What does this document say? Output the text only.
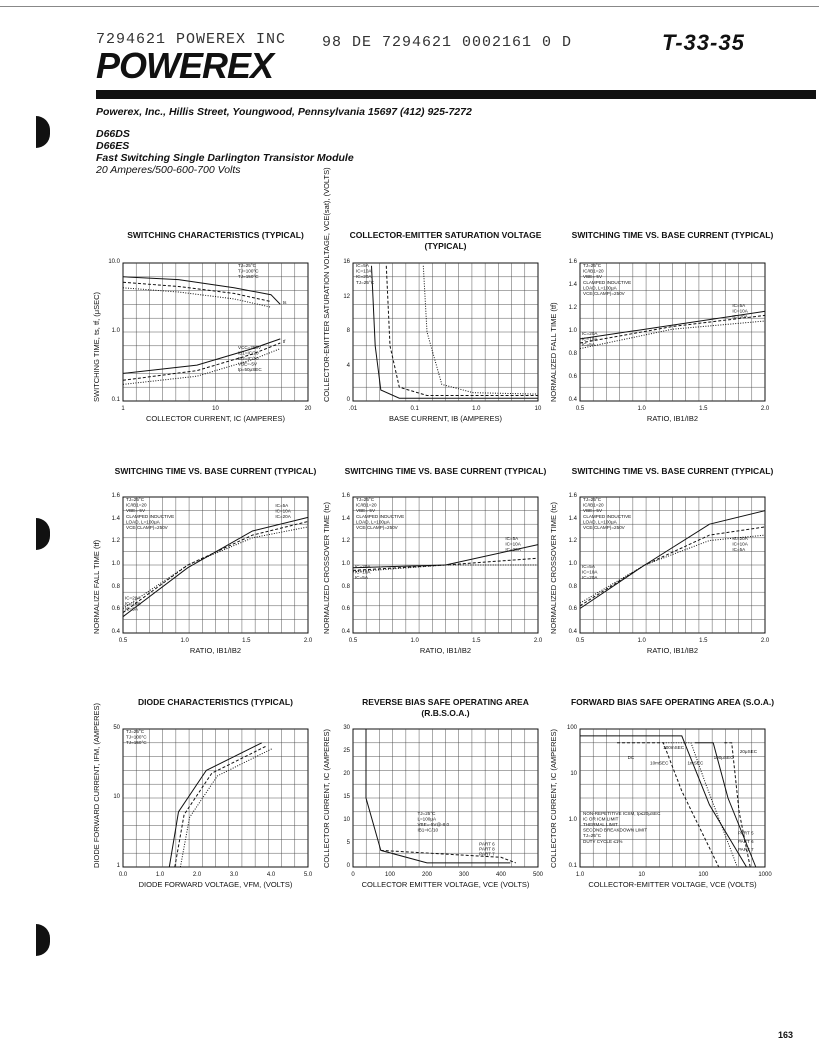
7294621 POWEREX INC
POWEREX
98 DE 7294621 0002161 0 D	T-33-35
Powerex, Inc., Hillis Street, Youngwood, Pennsylvania 15697 (412) 925-7272
D66DS
D66ES
Fast Switching Single Darlington Transistor Module
20 Amperes/500-600-700 Volts
163
SWITCHING CHARACTERISTICS (TYPICAL)
TJ=25°C
TJ=100°C
TJ=150°C
VCC=250V
IB1=IC/20
IB2=IC/10
VBE=-5V
tp=50μSEC
ts
tf
1	10	20
10.0
1.0
0.1
COLLECTOR CURRENT, IC (AMPERES)
SWITCHING TIME, ts, tf, (μSEC)
COLLECTOR-EMITTER SATURATION VOLTAGE (TYPICAL)
IC=5A
IC=10A
IC=20A
TJ=25°C
.01	0.1	1.0	10
16
12
8
4
0
BASE CURRENT, IB (AMPERES)
COLLECTOR-EMITTER SATURATION VOLTAGE, VCE(sat), (VOLTS)	SWITCHING TIME VS. BASE CURRENT (TYPICAL)
TJ=25°C
IC/IB1=20
VBE=-5V
CLAMPED INDUCTIVE
LOAD, L=100μA
VCE(CLAMP)=250V
IC=5A
IC=10A
IC=20A
IC=20A
IC=10A
IC=5A
0.5	1.0	1.5	2.0
1.6
1.4
1.2
1.0
0.8
0.6
0.4
RATIO, IB1/IB2
NORMALIZED FALL TIME (tf)
SWITCHING TIME VS. BASE CURRENT (TYPICAL)
TJ=25°C
IC/IB1=20
VBE=-5V
CLAMPED INDUCTIVE
LOAD, L=100μA
VCE(CLAMP)=250V
IC=5A
IC=10A
IC=20A
IC=20A
IC=10A
IC=5A
0.5	1.0	1.5	2.0
1.6
1.4
1.2
1.0
0.8
0.6
0.4
RATIO, IB1/IB2
NORMALIZE FALL TIME (tf)
SWITCHING TIME VS. BASE CURRENT (TYPICAL)
TJ=25°C
IC/IB1=20
VBE=-5V
CLAMPED INDUCTIVE
LOAD, L=100μA
VCE(CLAMP)=250V
IC=5A
IC=10A
IC=20A
IC=20A
IC=10A
IC=5A
0.5	1.0	1.5	2.0
1.6
1.4
1.2
1.0
0.8
0.6
0.4
RATIO, IB1/IB2
NORMALIZED CROSSOVER TIME (tc)
SWITCHING TIME VS. BASE CURRENT (TYPICAL)
TJ=25°C
IC/IB1=20
VBE=-5V
CLAMPED INDUCTIVE
LOAD, L=100μA
VCE(CLAMP)=250V
IC=20A
IC=10A
IC=5A
IC=5A
IC=10A
IC=20A
0.5	1.0	1.5	2.0
1.6
1.4
1.2
1.0
0.8
0.6
0.4
RATIO, IB1/IB2
NORMALIZED CROSSOVER TIME (tc)
DIODE CHARACTERISTICS (TYPICAL)
TJ=25°C
TJ=100°C
TJ=150°C
0.0	1.0	2.0	3.0	4.0	5.0
50
10
1
DIODE FORWARD VOLTAGE, VFM, (VOLTS)
DIODE FORWARD CURRENT, IFM, (AMPERES)
REVERSE BIAS SAFE OPERATING AREA (R.B.S.O.A.)
TJ=25°C
L=100μA
VBE=-5V@-8.0
IB1=IC/10
PART 6
PART 8
PART 7
0	100	200	300	400	500
30
25
20
15
10
5
0
COLLECTOR EMITTER VOLTAGE, VCE (VOLTS)
COLLECTOR CURRENT, IC (AMPERES)
FORWARD BIAS SAFE OPERATING AREA (S.O.A.)
NON-REPETITIVE ICSM, tp≤20μSEC
IC OR ICM LIMIT
THERMAL LIMIT
SECOND BREAKDOWN LIMIT
TJ=25°C
DUTY CYCLE ≤1%
DC
100mSEC
10mSEC	1mSEC
100μSEC
20μSEC
PART 5
PART 6
PART 7
1.0	10	100	1000
100
10
1.0
0.1
COLLECTOR-EMITTER VOLTAGE, VCE (VOLTS)
COLLECTOR CURRENT, IC (AMPERES)
